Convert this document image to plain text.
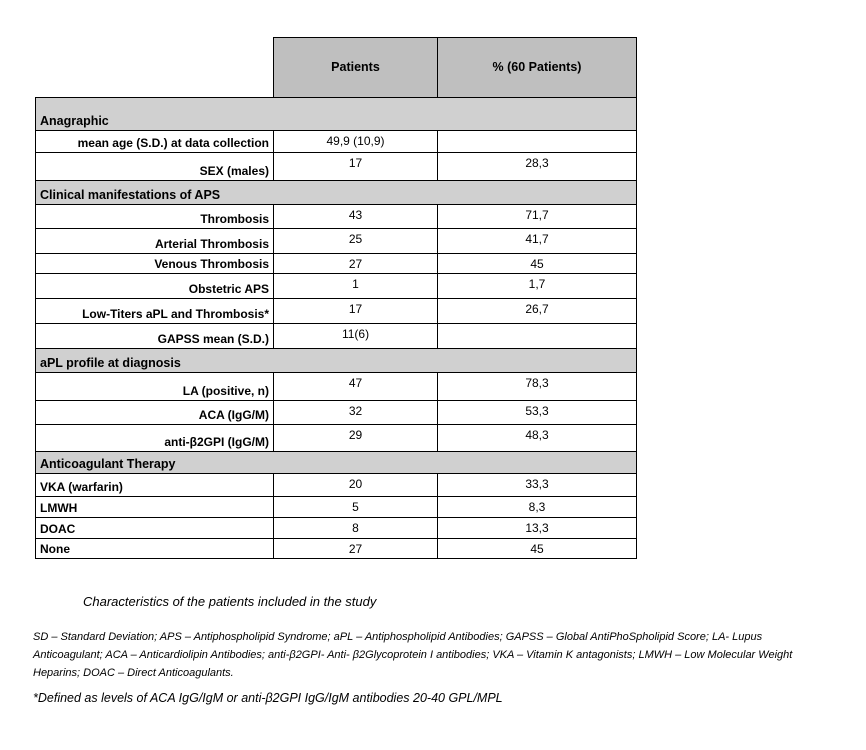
	Patients	% (60 Patients)
Anagraphic		
mean age (S.D.) at data collection	49,9 (10,9)	
SEX (males)	17	28,3
Clinical manifestations of APS		
Thrombosis	43	71,7
Arterial Thrombosis	25	41,7
Venous Thrombosis	27	45
Obstetric APS	1	1,7
Low-Titers aPL and Thrombosis*	17	26,7
GAPSS mean (S.D.)	11(6)	
aPL profile at diagnosis		
LA (positive, n)	47	78,3
ACA (IgG/M)	32	53,3
anti-β2GPI (IgG/M)	29	48,3
Anticoagulant Therapy		
VKA (warfarin)	20	33,3
LMWH	5	8,3
DOAC	8	13,3
None	27	45
Characteristics of the patients included in the study
SD – Standard Deviation; APS – Antiphospholipid Syndrome; aPL – Antiphospholipid Antibodies; GAPSS – Global AntiPhoSpholipid Score; LA- Lupus Anticoagulant; ACA – Anticardiolipin Antibodies; anti-β2GPI- Anti- β2Glycoprotein I antibodies; VKA – Vitamin K antagonists; LMWH – Low Molecular Weight Heparins; DOAC – Direct Anticoagulants.
*Defined as levels of ACA IgG/IgM or anti-β2GPI IgG/IgM antibodies 20-40 GPL/MPL
